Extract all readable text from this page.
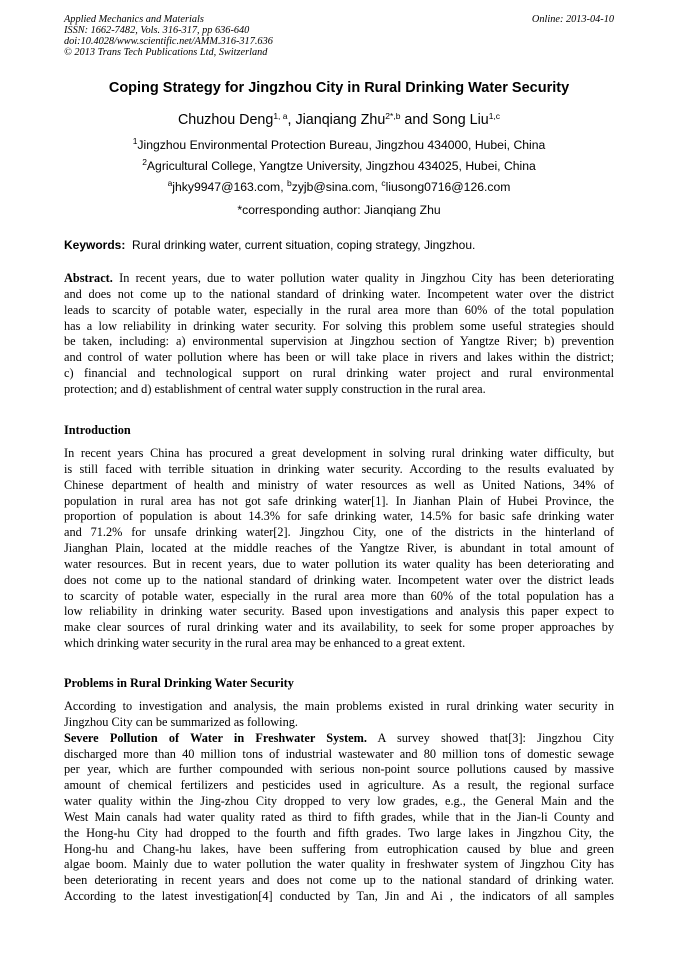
Applied Mechanics and Materials
ISSN: 1662-7482, Vols. 316-317, pp 636-640
doi:10.4028/www.scientific.net/AMM.316-317.636
© 2013 Trans Tech Publications Ltd, Switzerland
Online: 2013-04-10
Coping Strategy for Jingzhou City in Rural Drinking Water Security
Chuzhou Deng$^{1, a}$, Jianqiang Zhu$^{2*,b}$ and Song Liu$^{1,c}$
$^1$Jingzhou Environmental Protection Bureau, Jingzhou 434000, Hubei, China
$^2$Agricultural College, Yangtze University, Jingzhou 434025, Hubei, China
$^a$jhky9947@163.com, $^b$zyjb@sina.com, $^c$liusong0716@126.com
*corresponding author: Jianqiang Zhu
Keywords: Rural drinking water, current situation, coping strategy, Jingzhou.
Abstract. In recent years, due to water pollution water quality in Jingzhou City has been deteriorating
and does not come up to the national standard of drinking water. Incompetent water over the district
leads to scarcity of potable water, especially in the rural area more than 60% of the total population
has a low reliability in drinking water security. For solving this problem some useful strategies should
be taken, including: a) environmental supervision at Jingzhou section of Yangtze River; b) prevention
and control of water pollution where has been or will take place in rivers and lakes within the district;
c) financial and technological support on rural drinking water project and rural environmental
protection; and d) establishment of central water supply construction in the rural area.
Introduction
In recent years China has procured a great development in solving rural drinking water difficulty, but
is still faced with terrible situation in drinking water security. According to the results evaluated by
Chinese department of health and ministry of water resources as well as United Nations, 34% of
population in rural area has not got safe drinking water[1]. In Jianhan Plain of Hubei Province, the
proportion of population is about 14.3% for safe drinking water, 14.5% for basic safe drinking water
and 71.2% for unsafe drinking water[2]. Jingzhou City, one of the districts in the hinterland of
Jianghan Plain, located at the middle reaches of the Yangtze River, is abundant in total amount of
water resources. But in recent years, due to water pollution its water quality has been deteriorating and
does not come up to the national standard of drinking water. Incompetent water over the district leads
to scarcity of potable water, especially in the rural area more than 60% of the total population has a
low reliability in drinking water security. Based upon investigations and analysis this paper expect to
make clear sources of rural drinking water and its availability, to seek for some proper approaches by
which drinking water security in the rural area may be enhanced to a great extent.
Problems in Rural Drinking Water Security
According to investigation and analysis, the main problems existed in rural drinking water security in
Jingzhou City can be summarized as following.
Severe Pollution of Water in Freshwater System. A survey showed that[3]: Jingzhou City
discharged more than 40 million tons of industrial wastewater and 80 million tons of domestic sewage
per year, which are further compounded with serious non-point source pollutions caused by massive
amount of chemical fertilizers and pesticides used in agriculture. As a result, the regional surface
water quality within the Jing-zhou City dropped to very low grades, e.g., the General Main and the
West Main canals had water quality rated as third to fifth grades, while that in the Jian-li County and
the Hong-hu City had dropped to the fourth and fifth grades. Two large lakes in Jingzhou City, the
Hong-hu and Chang-hu lakes, have been suffering from eutrophication caused by blue and green
algae boom. Mainly due to water pollution the water quality in freshwater system of Jingzhou City has
been deteriorating in recent years and does not come up to the national standard of drinking water.
According to the latest investigation[4] conducted by Tan, Jin and Ai , the indicators of all samples
